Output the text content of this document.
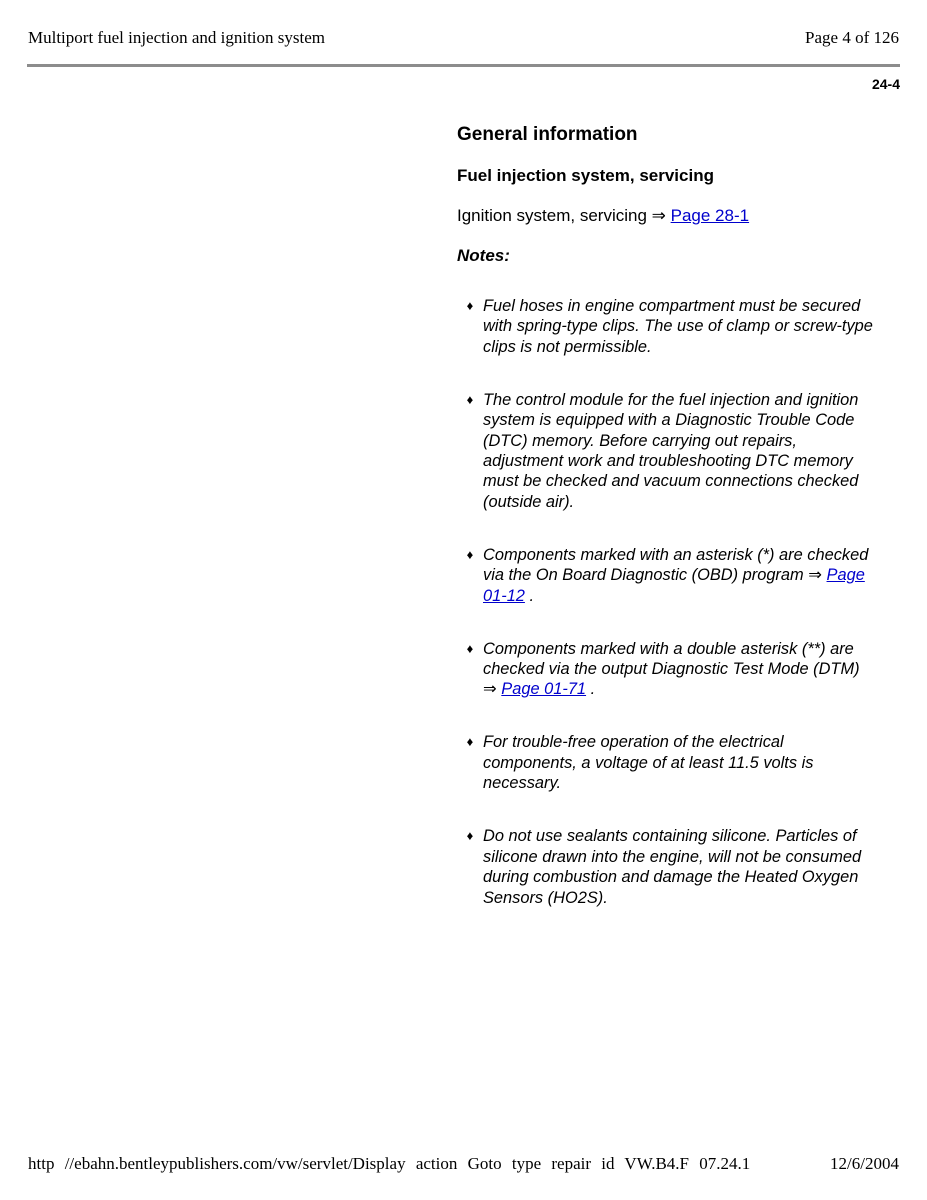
Multiport fuel injection and ignition system	Page 4 of 126
24-4
General information
Fuel injection system, servicing
Ignition system, servicing ⇒ Page 28-1
Notes:
♦ Fuel hoses in engine compartment must be secured with spring-type clips. The use of clamp or screw-type clips is not permissible.
♦ The control module for the fuel injection and ignition system is equipped with a Diagnostic Trouble Code (DTC) memory. Before carrying out repairs, adjustment work and troubleshooting DTC memory must be checked and vacuum connections checked (outside air).
♦ Components marked with an asterisk (*) are checked via the On Board Diagnostic (OBD) program ⇒ Page 01-12 .
♦ Components marked with a double asterisk (**) are checked via the output Diagnostic Test Mode (DTM) ⇒ Page 01-71 .
♦ For trouble-free operation of the electrical components, a voltage of at least 11.5 volts is necessary.
♦ Do not use sealants containing silicone. Particles of silicone drawn into the engine, will not be consumed during combustion and damage the Heated Oxygen Sensors (HO2S).
http //ebahn.bentleypublishers.com/vw/servlet/Display action Goto type repair id VW.B4.F 07.24.1	12/6/2004
